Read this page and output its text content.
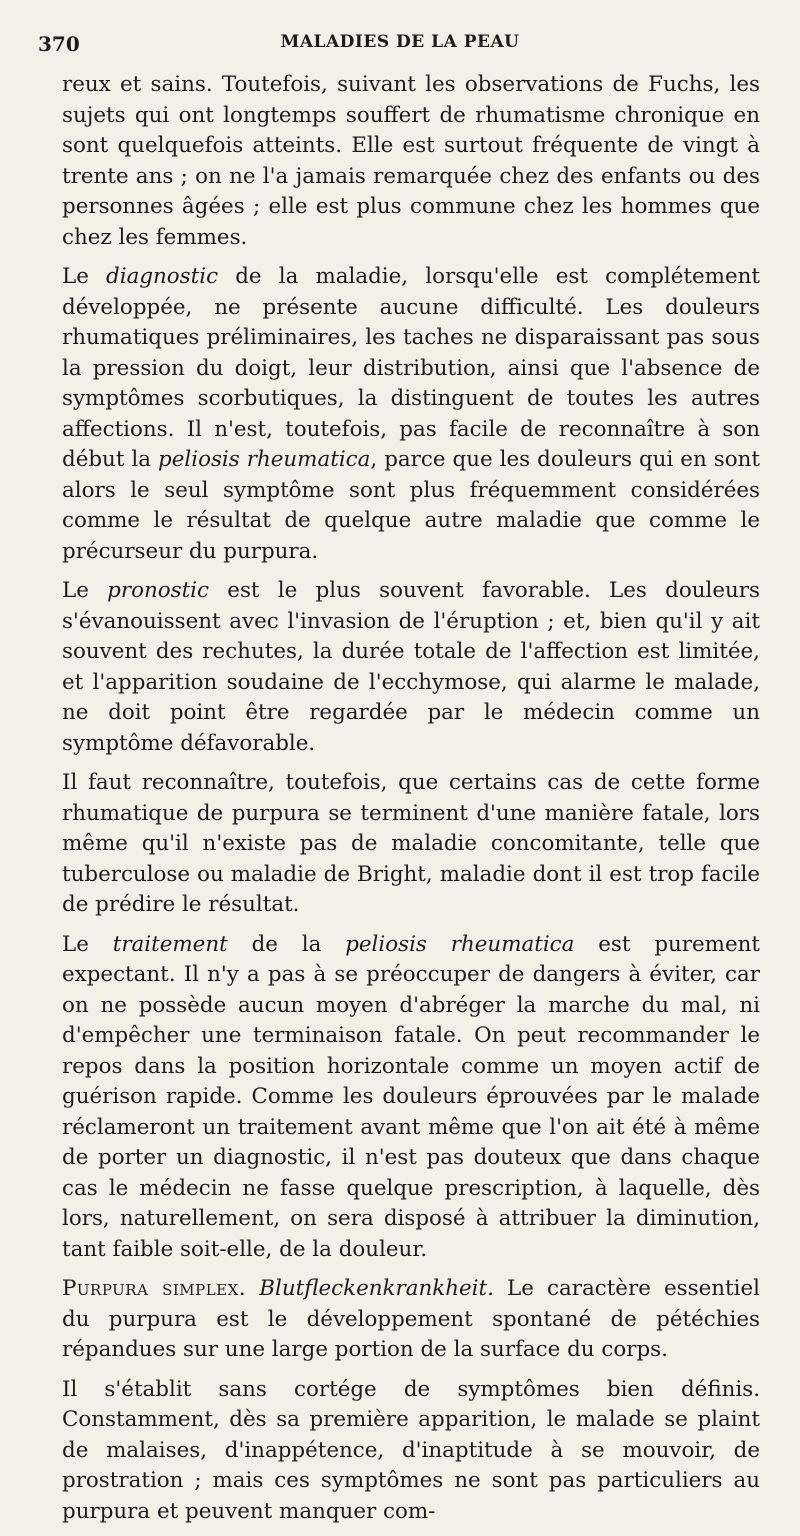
370	MALADIES DE LA PEAU

reux et sains. Toutefois, suivant les observations de Fuchs, les sujets qui ont longtemps souffert de rhumatisme chronique en sont quelquefois atteints. Elle est surtout fréquente de vingt à trente ans ; on ne l'a jamais remarquée chez des enfants ou des personnes âgées ; elle est plus commune chez les hommes que chez les femmes.

Le diagnostic de la maladie, lorsqu'elle est complétement développée, ne présente aucune difficulté. Les douleurs rhumatiques préliminaires, les taches ne disparaissant pas sous la pression du doigt, leur distribution, ainsi que l'absence de symptômes scorbutiques, la distinguent de toutes les autres affections. Il n'est, toutefois, pas facile de reconnaître à son début la peliosis rheumatica, parce que les douleurs qui en sont alors le seul symptôme sont plus fréquemment considérées comme le résultat de quelque autre maladie que comme le précurseur du purpura.

Le pronostic est le plus souvent favorable. Les douleurs s'évanouissent avec l'invasion de l'éruption ; et, bien qu'il y ait souvent des rechutes, la durée totale de l'affection est limitée, et l'apparition soudaine de l'ecchymose, qui alarme le malade, ne doit point être regardée par le médecin comme un symptôme défavorable.

Il faut reconnaître, toutefois, que certains cas de cette forme rhumatique de purpura se terminent d'une manière fatale, lors même qu'il n'existe pas de maladie concomitante, telle que tuberculose ou maladie de Bright, maladie dont il est trop facile de prédire le résultat.

Le traitement de la peliosis rheumatica est purement expectant. Il n'y a pas à se préoccuper de dangers à éviter, car on ne possède aucun moyen d'abréger la marche du mal, ni d'empêcher une terminaison fatale. On peut recommander le repos dans la position horizontale comme un moyen actif de guérison rapide. Comme les douleurs éprouvées par le malade réclameront un traitement avant même que l'on ait été à même de porter un diagnostic, il n'est pas douteux que dans chaque cas le médecin ne fasse quelque prescription, à laquelle, dès lors, naturellement, on sera disposé à attribuer la diminution, tant faible soit-elle, de la douleur.

Purpura simplex. Blutfleckenkrankheit. Le caractère essentiel du purpura est le développement spontané de pétéchies répandues sur une large portion de la surface du corps.

Il s'établit sans cortége de symptômes bien définis. Constamment, dès sa première apparition, le malade se plaint de malaises, d'inappétence, d'inaptitude à se mouvoir, de prostration ; mais ces symptômes ne sont pas particuliers au purpura et peuvent manquer com-
